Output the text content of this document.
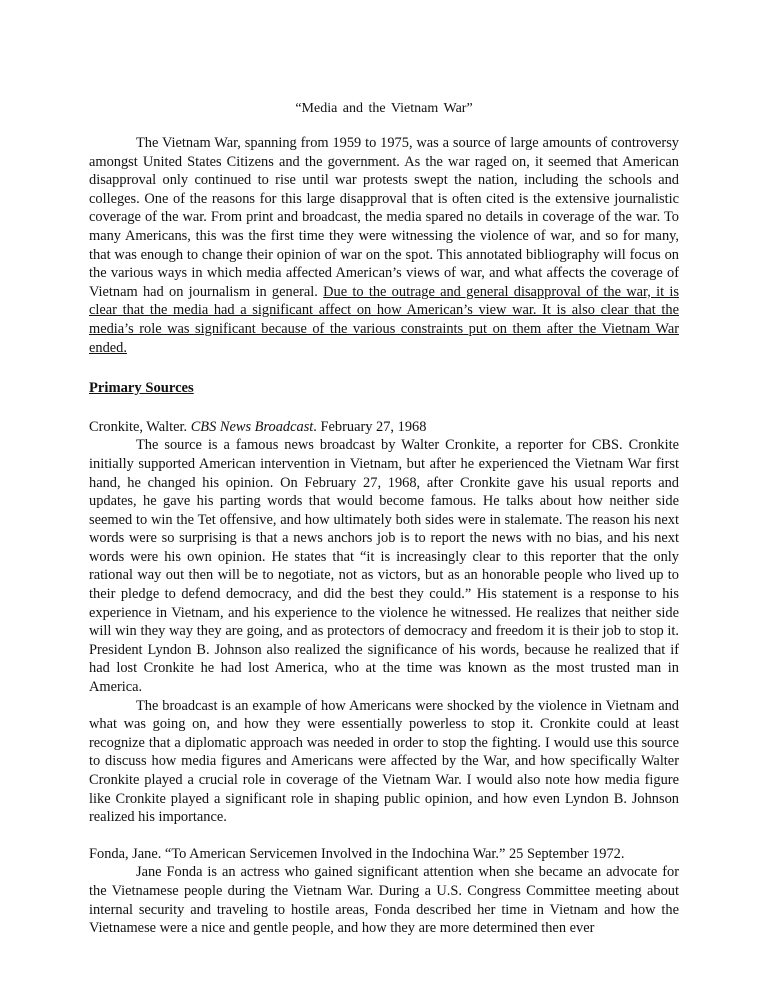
“Media and the Vietnam War”

The Vietnam War, spanning from 1959 to 1975, was a source of large amounts of controversy amongst United States Citizens and the government. As the war raged on, it seemed that American disapproval only continued to rise until war protests swept the nation, including the schools and colleges. One of the reasons for this large disapproval that is often cited is the extensive journalistic coverage of the war. From print and broadcast, the media spared no details in coverage of the war. To many Americans, this was the first time they were witnessing the violence of war, and so for many, that was enough to change their opinion of war on the spot. This annotated bibliography will focus on the various ways in which media affected American’s views of war, and what affects the coverage of Vietnam had on journalism in general. Due to the outrage and general disapproval of the war, it is clear that the media had a significant affect on how American’s view war. It is also clear that the media’s role was significant because of the various constraints put on them after the Vietnam War ended.

Primary Sources
Cronkite, Walter. CBS News Broadcast. February 27, 1968

The source is a famous news broadcast by Walter Cronkite, a reporter for CBS. Cronkite initially supported American intervention in Vietnam, but after he experienced the Vietnam War first hand, he changed his opinion. On February 27, 1968, after Cronkite gave his usual reports and updates, he gave his parting words that would become famous. He talks about how neither side seemed to win the Tet offensive, and how ultimately both sides were in stalemate. The reason his next words were so surprising is that a news anchors job is to report the news with no bias, and his next words were his own opinion. He states that “it is increasingly clear to this reporter that the only rational way out then will be to negotiate, not as victors, but as an honorable people who lived up to their pledge to defend democracy, and did the best they could.” His statement is a response to his experience in Vietnam, and his experience to the violence he witnessed. He realizes that neither side will win they way they are going, and as protectors of democracy and freedom it is their job to stop it. President Lyndon B. Johnson also realized the significance of his words, because he realized that if had lost Cronkite he had lost America, who at the time was known as the most trusted man in America.

The broadcast is an example of how Americans were shocked by the violence in Vietnam and what was going on, and how they were essentially powerless to stop it. Cronkite could at least recognize that a diplomatic approach was needed in order to stop the fighting. I would use this source to discuss how media figures and Americans were affected by the War, and how specifically Walter Cronkite played a crucial role in coverage of the Vietnam War. I would also note how media figure like Cronkite played a significant role in shaping public opinion, and how even Lyndon B. Johnson realized his importance.

Fonda, Jane. “To American Servicemen Involved in the Indochina War.” 25 September 1972.

Jane Fonda is an actress who gained significant attention when she became an advocate for the Vietnamese people during the Vietnam War. During a U.S. Congress Committee meeting about internal security and traveling to hostile areas, Fonda described her time in Vietnam and how the Vietnamese were a nice and gentle people, and how they are more determined then ever
